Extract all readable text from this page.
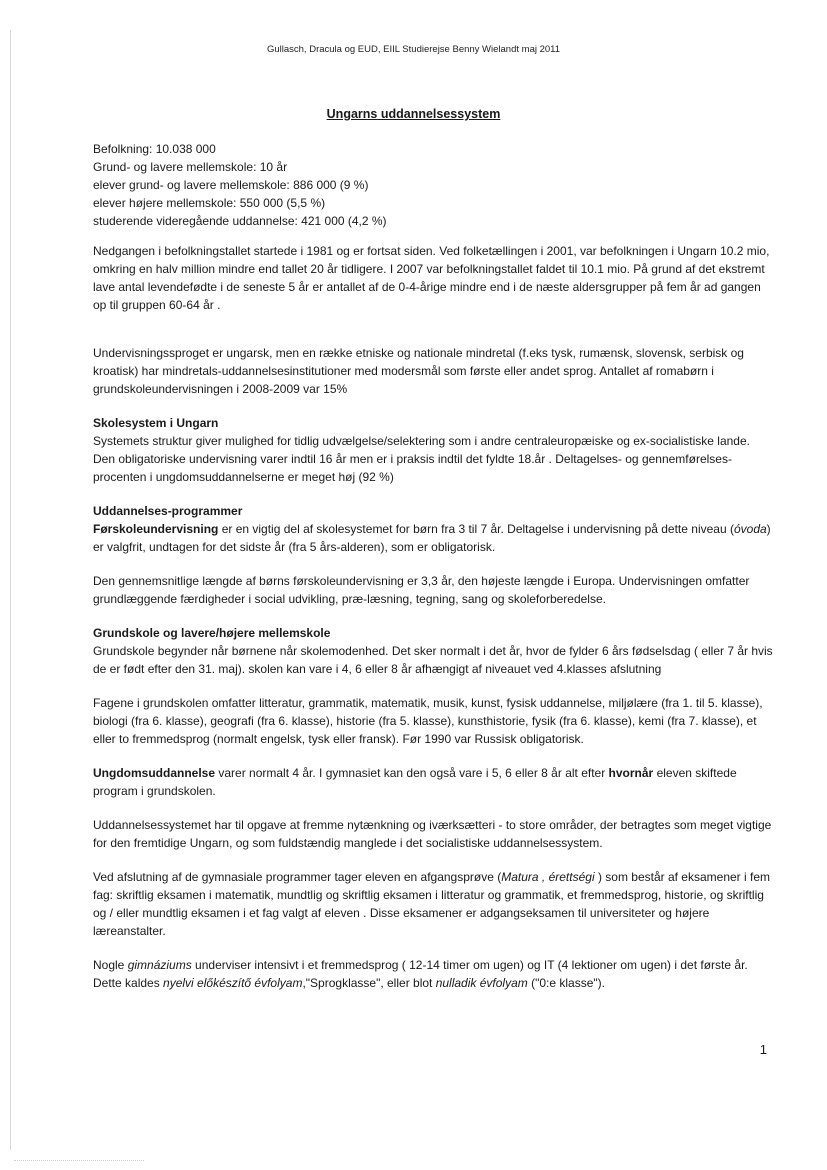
Gullasch, Dracula og EUD, EIIL Studierejse Benny Wielandt maj 2011
Ungarns uddannelsessystem

Befolkning: 10.038 000

Grund- og lavere mellemskole: 10 år

elever grund- og lavere mellemskole: 886 000 (9 %)

elever højere mellemskole: 550 000 (5,5 %)

studerende videregående uddannelse: 421 000 (4,2 %)

Nedgangen i befolkningstallet startede i 1981 og er fortsat siden. Ved folketællingen i 2001, var befolkningen i Ungarn 10.2 mio, omkring en halv million mindre end tallet 20 år tidligere. I 2007 var befolkningstallet faldet til 10.1 mio. På grund af det ekstremt lave antal levendefødte i de seneste 5 år er antallet af de 0-4-årige mindre end i de næste aldersgrupper på fem år ad gangen op til gruppen 60-64 år .

Undervisningssproget er ungarsk, men en række etniske og nationale mindretal (f.eks tysk, rumænsk, slovensk, serbisk og kroatisk) har mindretals-uddannelsesinstitutioner med modersmål som første eller andet sprog. Antallet af romabørn i grundskoleundervisningen i 2008-2009 var 15%

Skolesystem i Ungarn

Systemets struktur giver mulighed for tidlig udvælgelse/selektering som i andre centraleuropæiske og ex-socialistiske lande. Den obligatoriske undervisning varer indtil 16 år men er i praksis indtil det fyldte 18.år . Deltagelses- og gennemførelses-procenten i ungdomsuddannelserne er meget høj (92 %)

Uddannelses-programmer

Førskoleundervisning er en vigtig del af skolesystemet for børn fra 3 til 7 år. Deltagelse i undervisning på dette niveau (óvoda) er valgfrit, undtagen for det sidste år (fra 5 års-alderen), som er obligatorisk.

Den gennemsnitlige længde af børns førskoleundervisning er 3,3 år, den højeste længde i Europa. Undervisningen omfatter grundlæggende færdigheder i social udvikling, præ-læsning, tegning, sang og skoleforberedelse.

Grundskole og lavere/højere mellemskole

Grundskole begynder når børnene når skolemodenhed. Det sker normalt i det år, hvor de fylder 6 års fødselsdag ( eller 7 år hvis de er født efter den 31. maj). skolen kan vare i 4, 6 eller 8 år afhængigt af niveauet ved 4.klasses afslutning

Fagene i grundskolen omfatter litteratur, grammatik, matematik, musik, kunst, fysisk uddannelse, miljølære (fra 1. til 5. klasse), biologi (fra 6. klasse), geografi (fra 6. klasse), historie (fra 5. klasse), kunsthistorie, fysik (fra 6. klasse), kemi (fra 7. klasse), et eller to fremmedsprog (normalt engelsk, tysk eller fransk). Før 1990 var Russisk obligatorisk.

Ungdomsuddannelse varer normalt 4 år. I gymnasiet kan den også vare i 5, 6 eller 8 år alt efter hvornår eleven skiftede program i grundskolen.

Uddannelsessystemet har til opgave at fremme nytænkning og iværksætteri - to store områder, der betragtes som meget vigtige for den fremtidige Ungarn, og som fuldstændig manglede i det socialistiske uddannelsessystem.

Ved afslutning af de gymnasiale programmer tager eleven en afgangsprøve (Matura , érettségi ) som består af eksamener i fem fag: skriftlig eksamen i matematik, mundtlig og skriftlig eksamen i litteratur og grammatik, et fremmedsprog, historie, og skriftlig og / eller mundtlig eksamen i et fag valgt af eleven . Disse eksamener er adgangseksamen til universiteter og højere læreanstalter.

Nogle gimnáziums underviser intensivt i et fremmedsprog ( 12-14 timer om ugen) og IT (4 lektioner om ugen) i det første år. Dette kaldes nyelvi előkészítő évfolyam,"Sprogklasse", eller blot nulladik évfolyam ("0:e klasse").

1
